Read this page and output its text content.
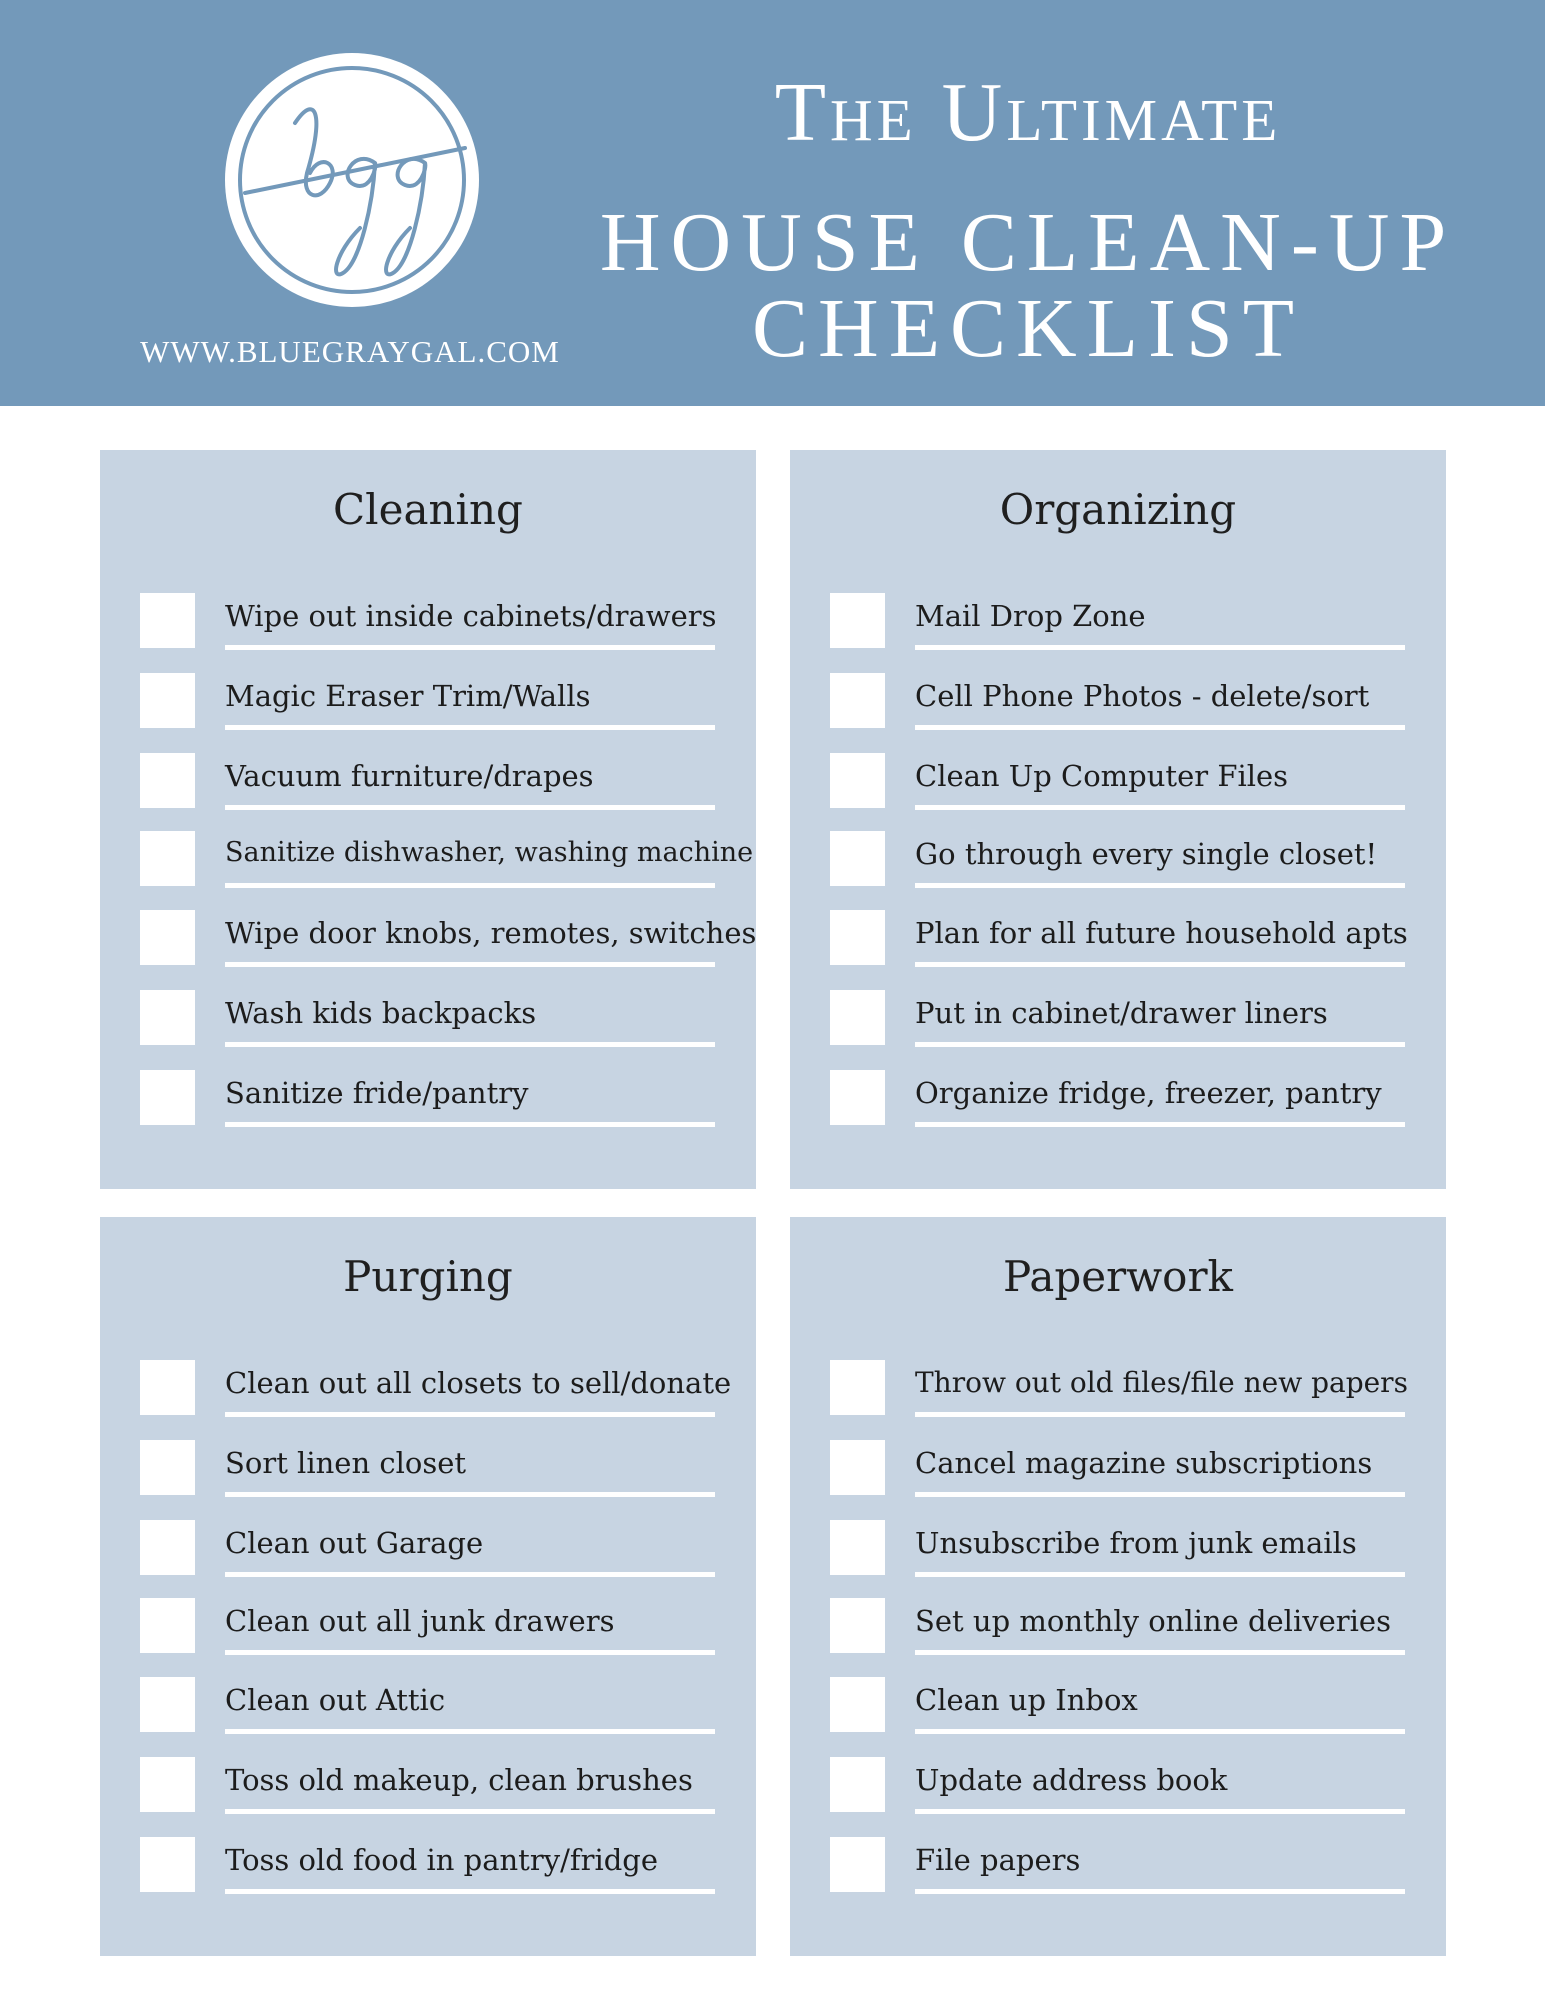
WWW.BLUEGRAYGAL.COM
The Ultimate
HOUSE CLEAN-UP
CHECKLIST
Cleaning
Wipe out inside cabinets/drawers
Magic Eraser Trim/Walls
Vacuum furniture/drapes
Sanitize dishwasher, washing machine
Wipe door knobs, remotes, switches
Wash kids backpacks
Sanitize fride/pantry
Organizing
Mail Drop Zone
Cell Phone Photos - delete/sort
Clean Up Computer Files
Go through every single closet!
Plan for all future household apts
Put in cabinet/drawer liners
Organize fridge, freezer, pantry
Purging
Clean out all closets to sell/donate
Sort linen closet
Clean out Garage
Clean out all junk drawers
Clean out Attic
Toss old makeup, clean brushes
Toss old food in pantry/fridge
Paperwork
Throw out old files/file new papers
Cancel magazine subscriptions
Unsubscribe from junk emails
Set up monthly online deliveries
Clean up Inbox
Update address book
File papers
